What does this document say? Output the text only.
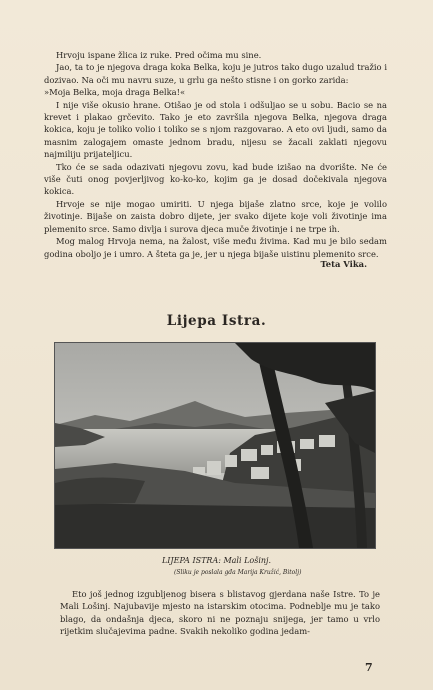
Hrvoju ispane žlica iz ruke. Pred očima mu sine.

Jao, ta to je njegova draga koka Belka, koju je jutros tako dugo uzalud tražio i dozivao. Na oči mu navru suze, u grlu ga nešto stisne i on gorko zaridа:

»Moja Belka, moja draga Belka!«

I nije više okusio hrane. Otišao je od stola i odšuljao se u sobu. Bacio se na krevet i plakao grčevito. Tako je eto završila njegova Belka, njegova draga kokica, koju je toliko volio i toliko se s njom razgovarao. A eto ovi ljudi, samo da masnim zalogajem omaste jednom bradu, nijesu se žacali zaklati njegovu najmiliju prijateljicu.

Tko će se sada odazivati njegovu zovu, kad bude izišao na dvorište. Ne će više čuti onog povjerljivog ko-ko-ko, kojim ga je dosad dočekivala njegova kokica.

Hrvoje se nije mogao umiriti. U njega bijaše zlatno srce, koje je volilo životinje. Bijaše on zaista dobro dijete, jer svako dijete koje voli životinje ima plemenito srce. Samo divlja i surova djeca muče životinje i ne trpe ih.

Mog malog Hrvoja nema, na žalost, više među živima. Kad mu je bilo sedam godina oboljo je i umro. A šteta ga je, jer u njega bijaše uistinu plemenito srce.

Teta Vika.
Lijepa Istra.
LIJEPA ISTRA: Mali Lošinj.
(Sliku je poslala gđa Marija Kružić, Bitolj)

Eto još jednog izgubljenog bisera s blistavog gjerdana naše Istre. To je Mali Lošinj. Najubavije mjesto na istarskim otocima. Podneblje mu je tako blago, da ondašnja djeca, skoro ni ne poznaju snijega, jer tamo u vrlo rijetkim slučajevima padne. Svakih nekoliko godina jedam-

7
